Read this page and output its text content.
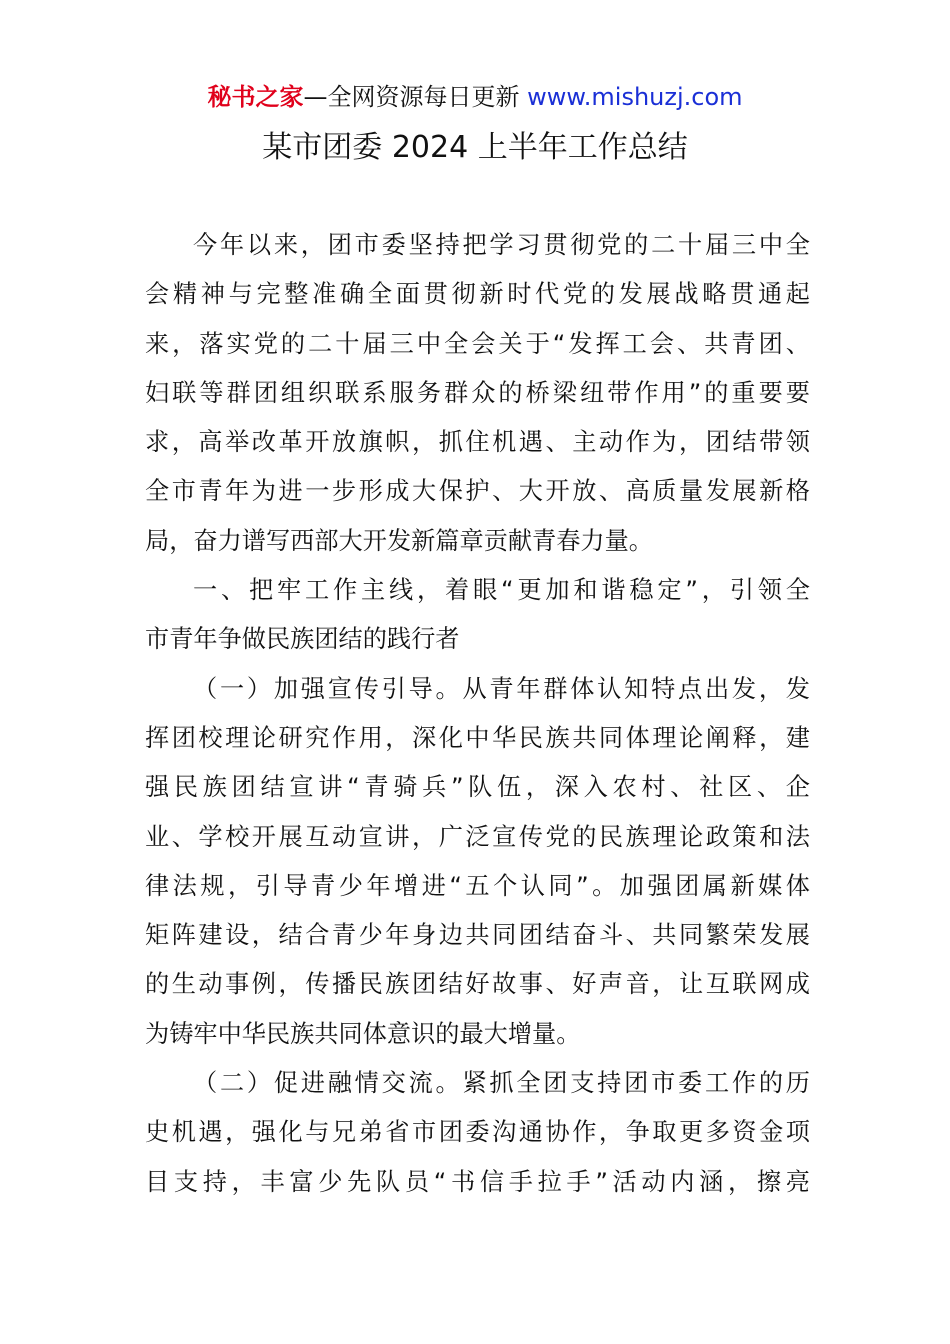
秘书之家—全网资源每日更新 www.mishuzj.com
某市团委 2024 上半年工作总结
今年以来，团市委坚持把学习贯彻党的二十届三中全
会精神与完整准确全面贯彻新时代党的发展战略贯通起
来，落实党的二十届三中全会关于“发挥工会、共青团、
妇联等群团组织联系服务群众的桥梁纽带作用”的重要要
求，高举改革开放旗帜，抓住机遇、主动作为，团结带领
全市青年为进一步形成大保护、大开放、高质量发展新格
局，奋力谱写西部大开发新篇章贡献青春力量。
一、把牢工作主线，着眼“更加和谐稳定”，引领全
市青年争做民族团结的践行者
（一）加强宣传引导。从青年群体认知特点出发，发
挥团校理论研究作用，深化中华民族共同体理论阐释，建
强民族团结宣讲“青骑兵”队伍，深入农村、社区、企
业、学校开展互动宣讲，广泛宣传党的民族理论政策和法
律法规，引导青少年增进“五个认同”。加强团属新媒体
矩阵建设，结合青少年身边共同团结奋斗、共同繁荣发展
的生动事例，传播民族团结好故事、好声音，让互联网成
为铸牢中华民族共同体意识的最大增量。
（二）促进融情交流。紧抓全团支持团市委工作的历
史机遇，强化与兄弟省市团委沟通协作，争取更多资金项
目支持，丰富少先队员“书信手拉手”活动内涵，擦亮
